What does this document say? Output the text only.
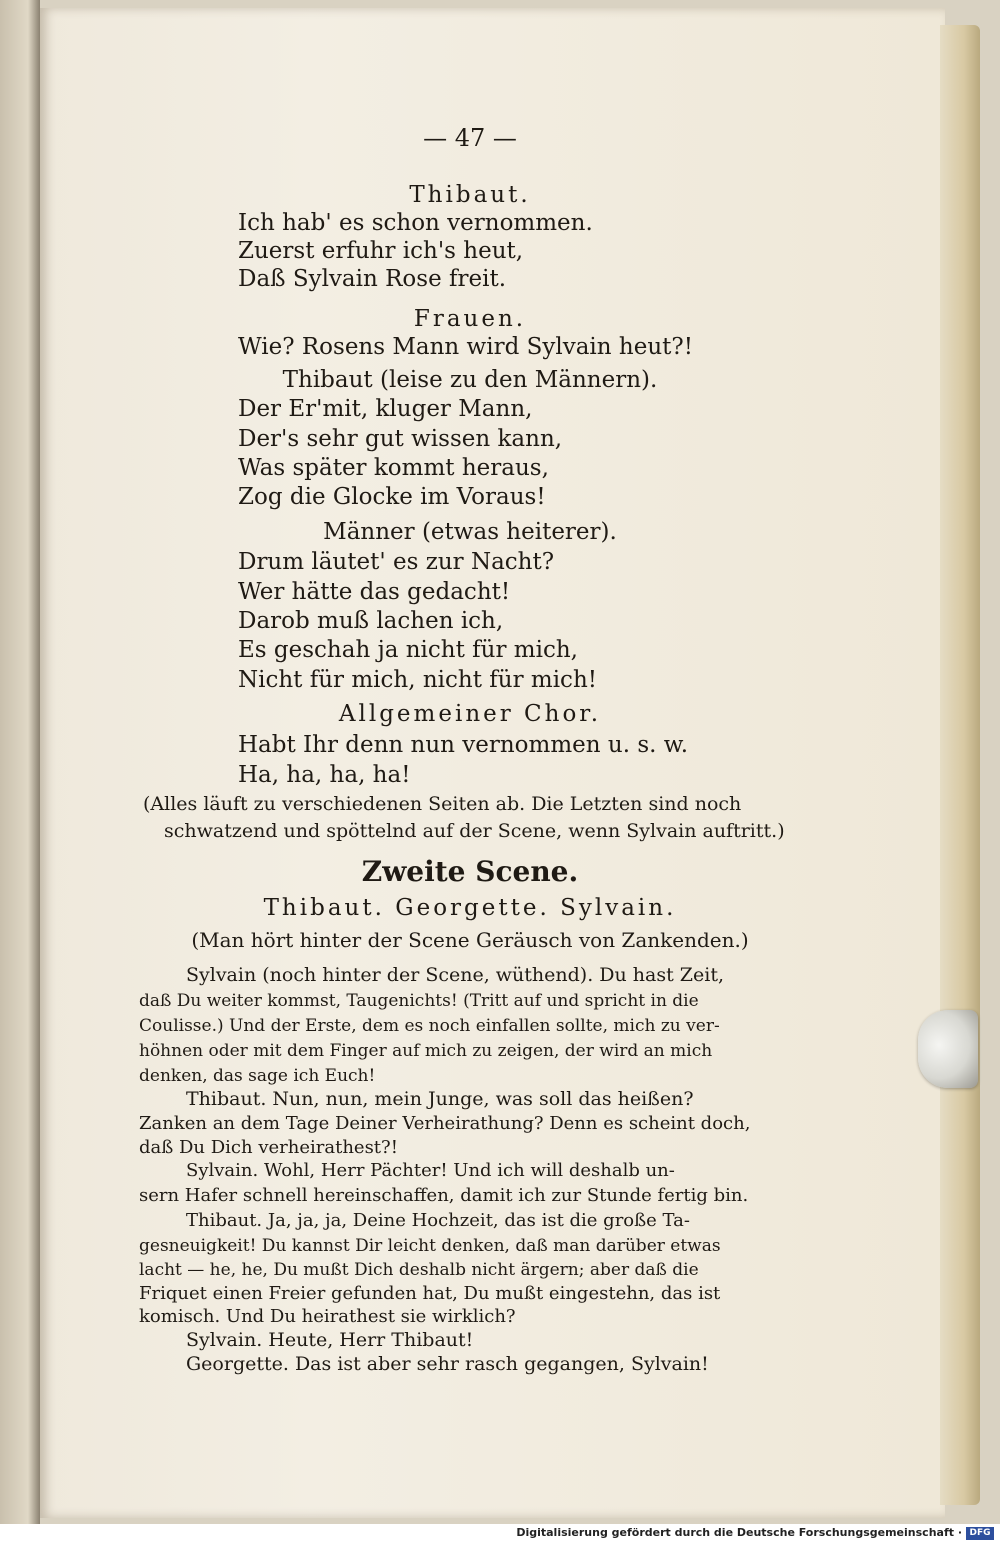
— 47 —
Thibaut.
Ich hab' es schon vernommen.
Zuerst erfuhr ich's heut,
Daß Sylvain Rose freit.
Frauen.
Wie? Rosens Mann wird Sylvain heut?!
Thibaut (leise zu den Männern).
Der Er'mit, kluger Mann,
Der's sehr gut wissen kann,
Was später kommt heraus,
Zog die Glocke im Voraus!
Männer (etwas heiterer).
Drum läutet' es zur Nacht?
Wer hätte das gedacht!
Darob muß lachen ich,
Es geschah ja nicht für mich,
Nicht für mich, nicht für mich!
Allgemeiner Chor.
Habt Ihr denn nun vernommen u. s. w.
Ha, ha, ha, ha!
(Alles läuft zu verschiedenen Seiten ab. Die Letzten sind noch
schwatzend und spöttelnd auf der Scene, wenn Sylvain auftritt.)
Zweite Scene.
Thibaut. Georgette. Sylvain.
(Man hört hinter der Scene Geräusch von Zankenden.)
Sylvain (noch hinter der Scene, wüthend). Du hast Zeit,
daß Du weiter kommst, Taugenichts! (Tritt auf und spricht in die
Coulisse.) Und der Erste, dem es noch einfallen sollte, mich zu ver-
höhnen oder mit dem Finger auf mich zu zeigen, der wird an mich
denken, das sage ich Euch!
Thibaut. Nun, nun, mein Junge, was soll das heißen?
Zanken an dem Tage Deiner Verheirathung? Denn es scheint doch,
daß Du Dich verheirathest?!
Sylvain. Wohl, Herr Pächter! Und ich will deshalb un-
sern Hafer schnell hereinschaffen, damit ich zur Stunde fertig bin.
Thibaut. Ja, ja, ja, Deine Hochzeit, das ist die große Ta-
gesneuigkeit! Du kannst Dir leicht denken, daß man darüber etwas
lacht — he, he, Du mußt Dich deshalb nicht ärgern; aber daß die
Friquet einen Freier gefunden hat, Du mußt eingestehn, das ist
komisch. Und Du heirathest sie wirklich?
Sylvain. Heute, Herr Thibaut!
Georgette. Das ist aber sehr rasch gegangen, Sylvain!
Digitalisierung gefördert durch die Deutsche Forschungsgemeinschaft · DFG
